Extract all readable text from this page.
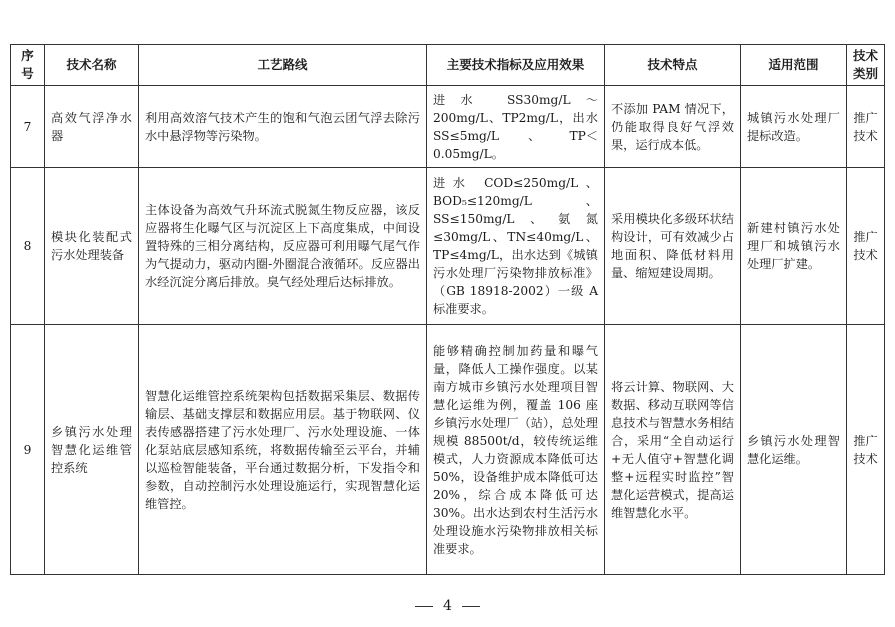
序号	技术名称	工艺路线	主要技术指标及应用效果	技术特点	适用范围	技术类别
7	高效气浮净水器	利用高效溶气技术产生的饱和气泡云团气浮去除污水中悬浮物等污染物。	进水 SS30mg/L～200mg/L、TP2mg/L，出水 SS≤5mg/L、TP＜0.05mg/L。	不添加 PAM 情况下，仍能取得良好气浮效果，运行成本低。	城镇污水处理厂提标改造。	推广技术
8	模块化装配式污水处理装备	主体设备为高效气升环流式脱氮生物反应器，该反应器将生化曝气区与沉淀区上下高度集成，中间设置特殊的三相分离结构，反应器可利用曝气尾气作为气提动力，驱动内圈-外圈混合液循环。反应器出水经沉淀分离后排放。臭气经处理后达标排放。	进水 COD≤250mg/L、BOD₅≤120mg/L、SS≤150mg/L、氨氮≤30mg/L、TN≤40mg/L、TP≤4mg/L，出水达到《城镇污水处理厂污染物排放标准》（GB 18918-2002）一级 A 标准要求。	采用模块化多级环状结构设计，可有效减少占地面积、降低材料用量、缩短建设周期。	新建村镇污水处理厂和城镇污水处理厂扩建。	推广技术
9	乡镇污水处理智慧化运维管控系统	智慧化运维管控系统架构包括数据采集层、数据传输层、基础支撑层和数据应用层。基于物联网、仪表传感器搭建了污水处理厂、污水处理设施、一体化泵站底层感知系统，将数据传输至云平台，并辅以巡检智能装备，平台通过数据分析，下发指令和参数，自动控制污水处理设施运行，实现智慧化运维管控。	能够精确控制加药量和曝气量，降低人工操作强度。以某南方城市乡镇污水处理项目智慧化运维为例，覆盖 106 座乡镇污水处理厂（站），总处理规模 88500t/d，较传统运维模式，人力资源成本降低可达 50%，设备维护成本降低可达 20%，综合成本降低可达 30%。出水达到农村生活污水处理设施水污染物排放相关标准要求。	将云计算、物联网、大数据、移动互联网等信息技术与智慧水务相结合，采用“全自动运行+无人值守+智慧化调整+远程实时监控”智慧化运营模式，提高运维智慧化水平。	乡镇污水处理智慧化运维。	推广技术
4
